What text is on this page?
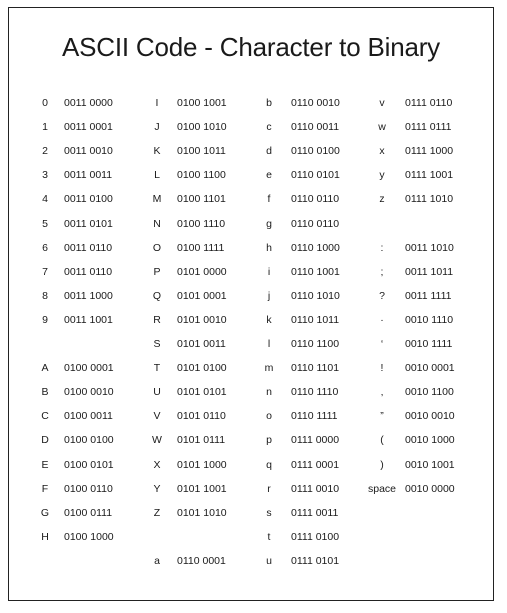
ASCII Code - Character to Binary
0 0011 0000
1 0011 0001
2 0011 0010
3 0011 0011
4 0011 0100
5 0011 0101
6 0011 0110
7 0011 0110
8 0011 1000
9 0011 1001
A 0100 0001
B 0100 0010
C 0100 0011
D 0100 0100
E 0100 0101
F 0100 0110
G 0100 0111
H 0100 1000
I 0100 1001
J 0100 1010
K 0100 1011
L 0100 1100
M 0100 1101
N 0100 1110
O 0100 1111
P 0101 0000
Q 0101 0001
R 0101 0010
S 0101 0011
T 0101 0100
U 0101 0101
V 0101 0110
W 0101 0111
X 0101 1000
Y 0101 1001
Z 0101 1010
a 0110 0001
b 0110 0010
c 0110 0011
d 0110 0100
e 0110 0101
f 0110 0110
g 0110 0110
h 0110 1000
i 0110 1001
j 0110 1010
k 0110 1011
l 0110 1100
m 0110 1101
n 0110 1110
o 0110 1111
p 0111 0000
q 0111 0001
r 0111 0010
s 0111 0011
t 0111 0100
u 0111 0101
v 0111 0110
w 0111 0111
x 0111 1000
y 0111 1001
z 0111 1010
: 0011 1010
; 0011 1011
? 0011 1111
· 0010 1110
‘ 0010 1111
! 0010 0001
‚ 0010 1100
” 0010 0010
( 0010 1000
) 0010 1001
space 0010 0000
